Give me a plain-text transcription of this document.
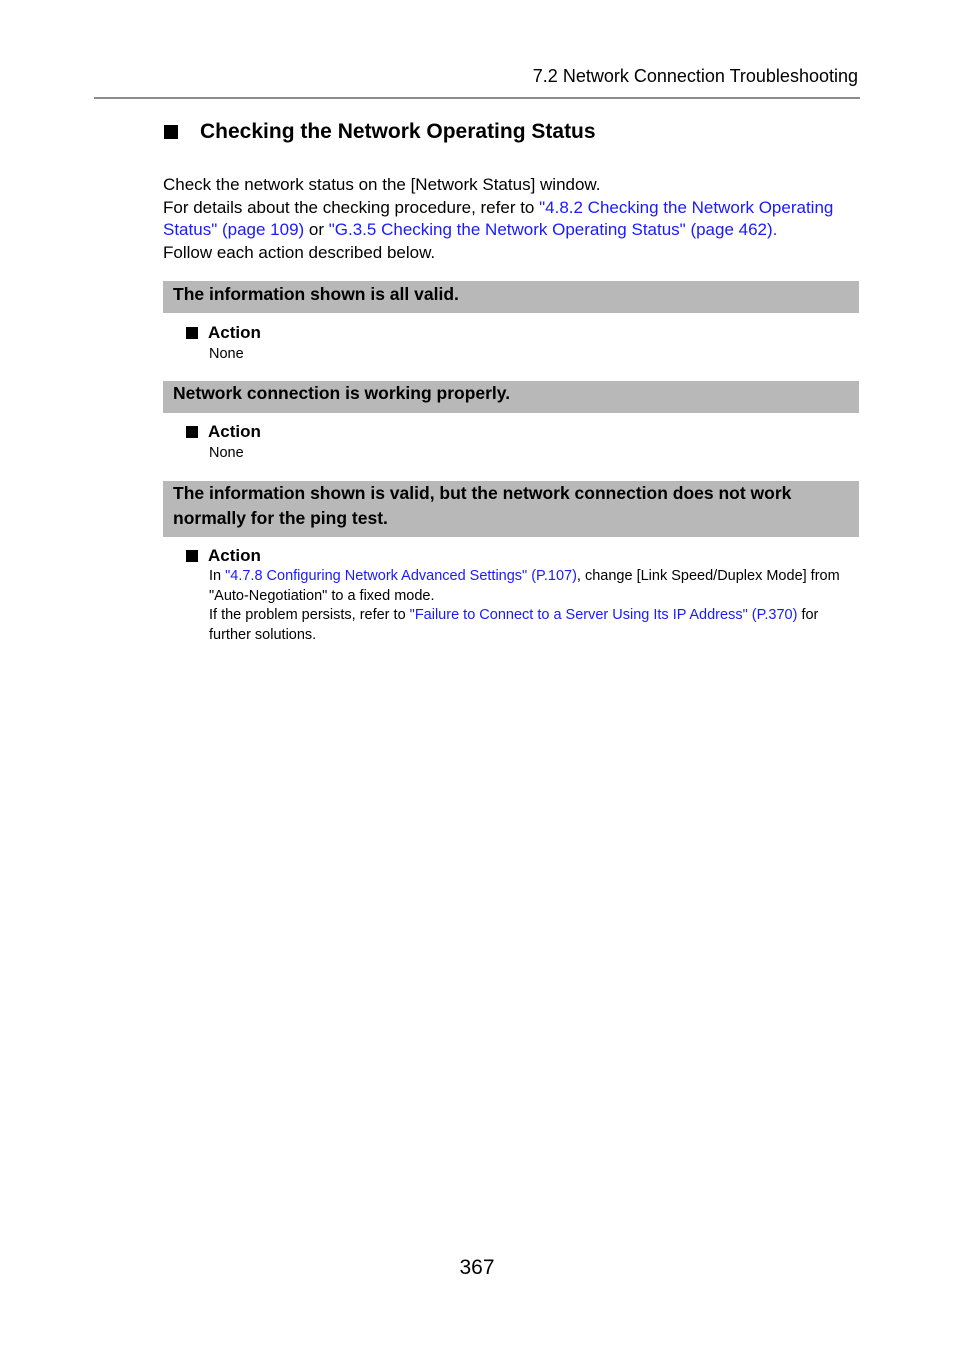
7.2 Network Connection Troubleshooting
Checking the Network Operating Status

Check the network status on the [Network Status] window.

For details about the checking procedure, refer to "4.8.2 Checking the Network Operating Status" (page 109) or "G.3.5 Checking the Network Operating Status" (page 462).

Follow each action described below.

The information shown is all valid.
Action
None
Network connection is working properly.
Action
None
The information shown is valid, but the network connection does not work normally for the ping test.
Action

In "4.7.8 Configuring Network Advanced Settings" (P.107), change [Link Speed/Duplex Mode] from "Auto-Negotiation" to a fixed mode.

If the problem persists, refer to "Failure to Connect to a Server Using Its IP Address" (P.370) for further solutions.

367
